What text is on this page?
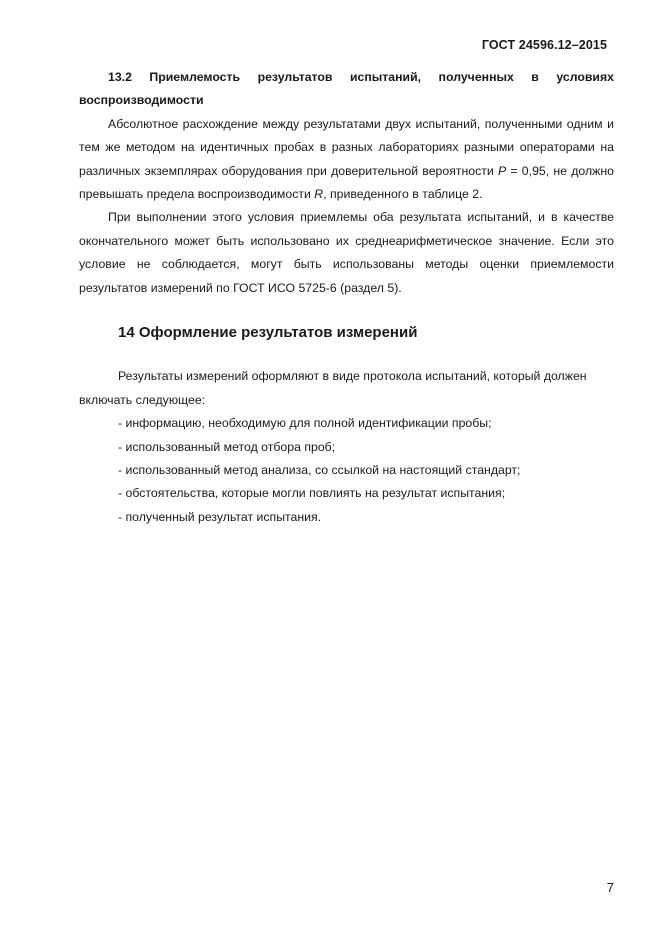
ГОСТ 24596.12–2015

13.2 Приемлемость результатов испытаний, полученных в условиях воспроизводимости

Абсолютное расхождение между результатами двух испытаний, полученными одним и тем же методом на идентичных пробах в разных лабораториях разными операторами на различных экземплярах оборудования при доверительной вероятности P = 0,95, не должно превышать предела воспроизводимости R, приведенного в таблице 2.

При выполнении этого условия приемлемы оба результата испытаний, и в качестве окончательного может быть использовано их среднеарифметическое значение. Если это условие не соблюдается, могут быть использованы методы оценки приемлемости результатов измерений по ГОСТ ИСО 5725-6 (раздел 5).

14 Оформление результатов измерений

Результаты измерений оформляют в виде протокола испытаний, который должен включать следующее:

- информацию, необходимую для полной идентификации пробы;
- использованный метод отбора проб;
- использованный метод анализа, со ссылкой на настоящий стандарт;
- обстоятельства, которые могли повлиять на результат испытания;
- полученный результат испытания.
7
